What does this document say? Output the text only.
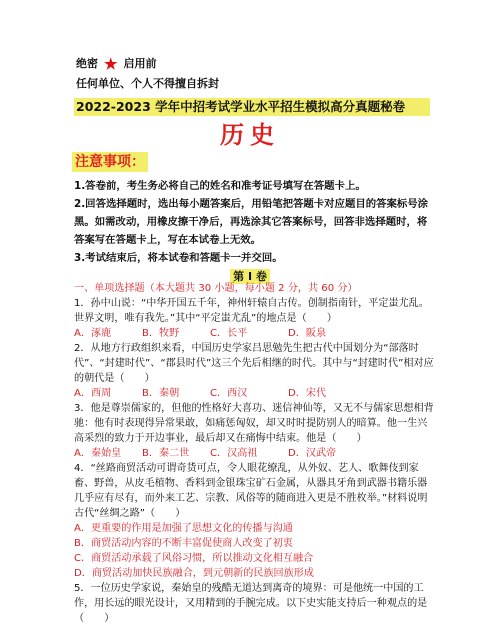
绝密 ★ 启用前
任何单位、个人不得擅自拆封
2022-2023 学年中招考试学业水平招生模拟高分真题秘卷
历史
注意事项：

1.答卷前，考生务必将自己的姓名和准考证号填写在答题卡上。

2.回答选择题时，选出每小题答案后，用铅笔把答题卡对应题目的答案标号涂黑。如需改动，用橡皮擦干净后，再选涂其它答案标号，回答非选择题时，将答案写在答题卡上，写在本试卷上无效。

3.考试结束后，将本试卷和答题卡一并交回。

第 I 卷

一、单项选择题（本大题共 30 小题，每小题 2 分，共 60 分）

1．孙中山说：“中华开国五千年，神州轩辕自古传。创制指南针，平定蚩尤乱。世界文明，唯有我先。”其中“平定蚩尤乱”的地点是（　　）

A．涿鹿	B．牧野	C．长平	D．阪泉

2．从地方行政组织来看，中国历史学家吕思勉先生把古代中国划分为“部落时代”、“封建时代”、“郡县时代”这三个先后相继的时代。其中与“封建时代”相对应的朝代是（　　）

A．西周	B．秦朝	C．西汉	D．宋代

3．他是尊崇儒家的，但他的性格好大喜功、迷信神仙等，又无不与儒家思想相背驰：他有时表现得异常果敢，如痛惩匈奴，却又时时提防别人的暗算。他一生兴高采烈的致力于开边事业，最后却又在痛悔中结束。他是（　　）

A．秦始皇	B．秦二世	C．汉高祖	D．汉武帝

4．“丝路商贸活动可谓奇货可点，令人眼花缭乱，从外奴、艺人、歌舞伎到家畜、野兽，从皮毛植物、香料到金银珠宝矿石金属，从器具牙角到武器书籍乐器几乎应有尽有，而外来工艺、宗教、风俗等的随商进入更是不胜枚举。”材料说明古代“丝绸之路”（　　）

A．更重要的作用是加强了思想文化的传播与沟通

B．商贸活动内容的不断丰富促使商人改变了初衷

C．商贸活动承载了风俗习惯，所以推动文化相互融合

D．商贸活动加快民族融合，到元朝新的民族回族形成

5．一位历史学家说，秦始皇的残酷无道达到离奇的境界：可是他统一中国的工作，用长远的眼光设计，又用精到的手腕完成。以下史实能支持后一种观点的是（　　）
